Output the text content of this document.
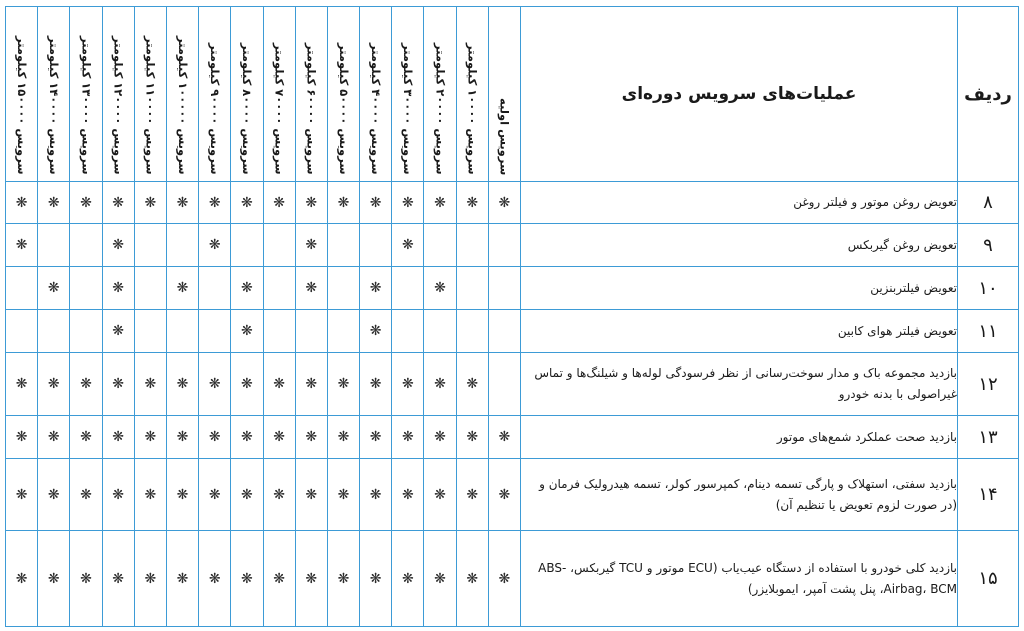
سرویس ۱۵۰۰۰۰ کیلومتر	سرویس ۱۴۰۰۰۰ کیلومتر	سرویس ۱۳۰۰۰۰ کیلومتر	سرویس ۱۲۰۰۰۰ کیلومتر	سرویس ۱۱۰۰۰۰ کیلومتر	سرویس ۱۰۰۰۰۰ کیلومتر	سرویس ۹۰۰۰۰ کیلومتر	سرویس ۸۰۰۰۰ کیلومتر	سرویس ۷۰۰۰۰ کیلومتر	سرویس ۶۰۰۰۰ کیلومتر	سرویس ۵۰۰۰۰ کیلومتر	سرویس ۴۰۰۰۰ کیلومتر	سرویس ۳۰۰۰۰ کیلومتر	سرویس ۲۰۰۰۰ کیلومتر	سرویس ۱۰۰۰۰ کیلومتر	سرویس اولیه	عملیات‌های سرویس دوره‌ای	ردیف
❋	❋	❋	❋	❋	❋	❋	❋	❋	❋	❋	❋	❋	❋	❋	❋	تعویض روغن موتور و فیلتر روغن	۸
❋			❋			❋			❋			❋				تعویض روغن گیربکس	۹
	❋		❋		❋		❋		❋		❋		❋			تعویض فیلتربنزین	۱۰
			❋				❋				❋					تعویض فیلتر هوای کابین	۱۱
❋	❋	❋	❋	❋	❋	❋	❋	❋	❋	❋	❋	❋	❋	❋		بازدید مجموعه باک و مدار سوخت‌رسانی از نظر فرسودگی لوله‌ها و شیلنگ‌ها و تماس غیراصولی با بدنه خودرو	۱۲
❋	❋	❋	❋	❋	❋	❋	❋	❋	❋	❋	❋	❋	❋	❋	❋	بازدید صحت عملکرد شمع‌های موتور	۱۳
❋	❋	❋	❋	❋	❋	❋	❋	❋	❋	❋	❋	❋	❋	❋	❋	بازدید سفتی، استهلاک و پارگی تسمه دینام، کمپرسور کولر، تسمه هیدرولیک فرمان و (در صورت لزوم تعویض یا تنظیم آن)	۱۴
❋	❋	❋	❋	❋	❋	❋	❋	❋	❋	❋	❋	❋	❋	❋	❋	بازدید کلی خودرو با استفاده از دستگاه عیب‌یاب (ECU موتور و TCU گیربکس، ABS-Airbag، BCM، پنل پشت آمپر، ایموبلایزر)	۱۵
